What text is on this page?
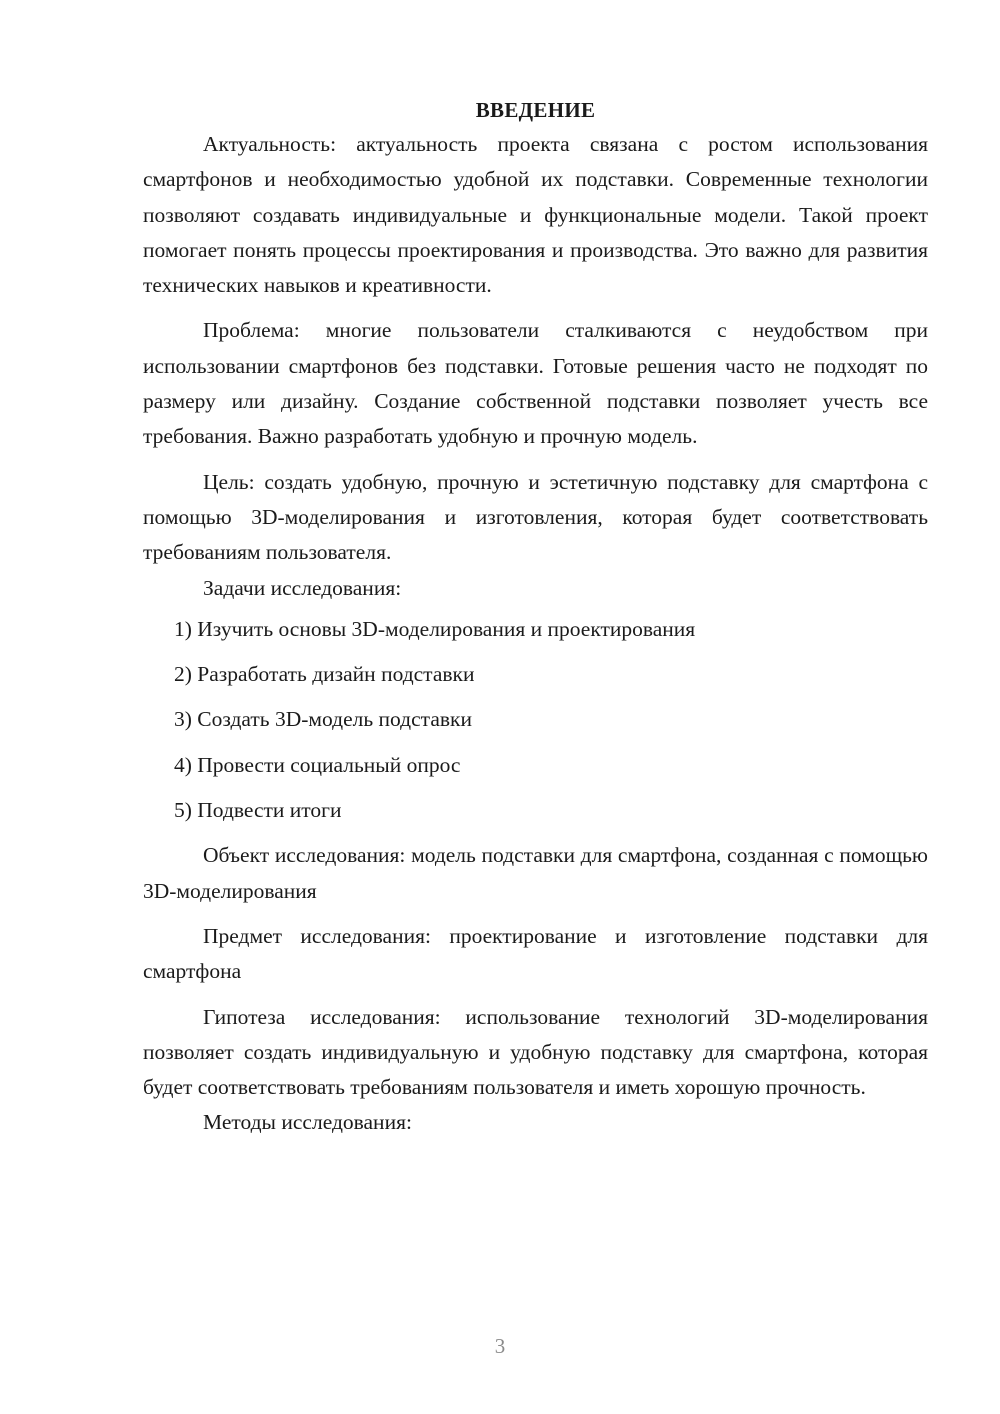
ВВЕДЕНИЕ

Актуальность: актуальность проекта связана с ростом использования смартфонов и необходимостью удобной их подставки. Современные технологии позволяют создавать индивидуальные и функциональные модели. Такой проект помогает понять процессы проектирования и производства. Это важно для развития технических навыков и креативности.

Проблема: многие пользователи сталкиваются с неудобством при использовании смартфонов без подставки. Готовые решения часто не подходят по размеру или дизайну. Создание собственной подставки позволяет учесть все требования. Важно разработать удобную и прочную модель.

Цель: создать удобную, прочную и эстетичную подставку для смартфона с помощью 3D-моделирования и изготовления, которая будет соответствовать требованиям пользователя.

Задачи исследования:

1) Изучить основы 3D-моделирования и проектирования
2) Разработать дизайн подставки
3) Создать 3D-модель подставки
4) Провести социальный опрос
5) Подвести итоги

Объект исследования: модель подставки для смартфона, созданная с помощью 3D-моделирования

Предмет исследования: проектирование и изготовление подставки для смартфона

Гипотеза исследования: использование технологий 3D-моделирования позволяет создать индивидуальную и удобную подставку для смартфона, которая будет соответствовать требованиям пользователя и иметь хорошую прочность.

Методы исследования:

3
